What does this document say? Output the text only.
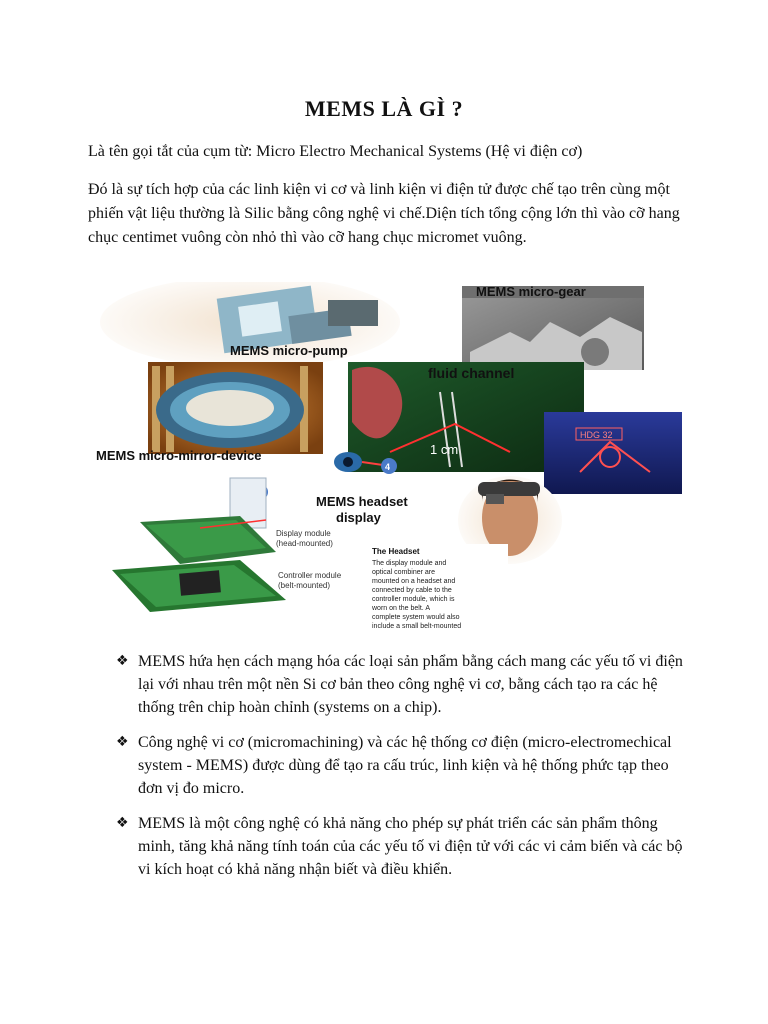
MEMS LÀ GÌ ?
Là tên gọi tắt của cụm từ: Micro Electro Mechanical Systems (Hệ vi điện cơ)
Đó là sự tích hợp của các linh kiện vi cơ và linh kiện vi điện tử được chế tạo trên cùng một phiến vật liệu thường là Silic bằng công nghệ vi chế.Diện tích tổng cộng lớn thì vào cỡ hang chục centimet vuông còn nhỏ thì vào cỡ hang chục micromet vuông.
MEMS micro-pump
MEMS micro-gear
fluid channel
1 cm
HDG 32
MEMS micro-mirror-device
4
Display module
(head-mounted)
Controller module
(belt-mounted)
MEMS headset
display
The Headset
The display module and
optical combiner are
mounted on a headset and
connected by cable to the
controller module, which is
worn on the belt. A
complete system would also
include a small belt-mounted
❖ MEMS hứa hẹn cách mạng hóa các loại sản phẩm bằng cách mang các yếu tố vi điện lại với nhau trên một nền Si cơ bản theo công nghệ vi cơ, bằng cách tạo ra các hệ thống trên chip hoàn chỉnh (systems on a chip).
❖ Công nghệ vi cơ (micromachining) và các hệ thống cơ điện (micro-electromechical system - MEMS) được dùng để tạo ra cấu trúc, linh kiện và hệ thống phức tạp theo đơn vị đo micro.
❖ MEMS là một công nghệ có khả năng cho phép sự phát triển các sản phẩm thông minh, tăng khả năng tính toán của các yếu tố vi điện tử với các vi cảm biến và các bộ vi kích hoạt có khả năng nhận biết và điều khiển.
